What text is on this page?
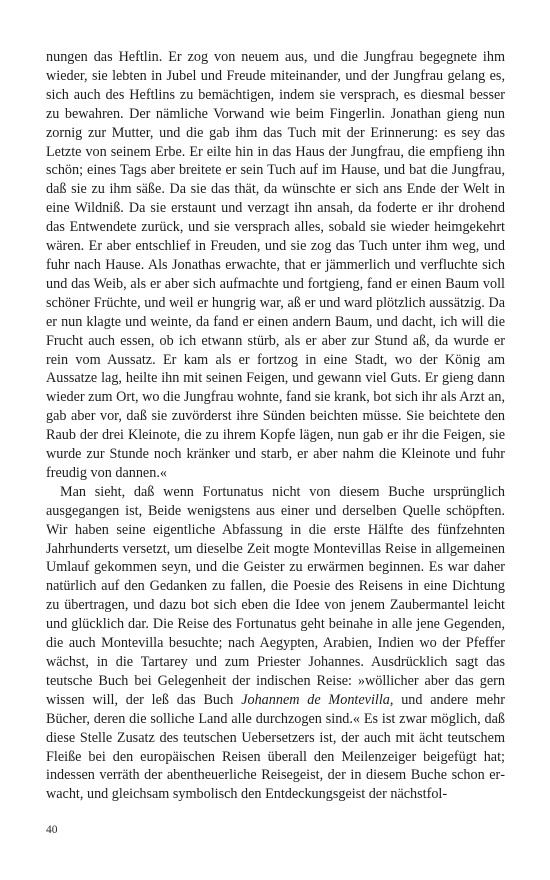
nungen das Heftlin. Er zog von neuem aus, und die Jungfrau begegnete ihm wieder, sie lebten in Jubel und Freude miteinander, und der Jungfrau gelang es, sich auch des Heftlins zu bemächtigen, indem sie versprach, es diesmal besser zu bewahren. Der nämliche Vorwand wie beim Fingerlin. Jonathan gieng nun zornig zur Mutter, und die gab ihm das Tuch mit der Erinnerung: es sey das Letzte von seinem Erbe. Er eilte hin in das Haus der Jungfrau, die empfieng ihn schön; eines Tags aber breitete er sein Tuch auf im Hause, und bat die Jungfrau, daß sie zu ihm säße. Da sie das thät, da wünschte er sich ans Ende der Welt in eine Wildniß. Da sie erstaunt und verzagt ihn ansah, da foderte er ihr drohend das Entwendete zurück, und sie versprach alles, sobald sie wieder heimgekehrt wären. Er aber entschlief in Freuden, und sie zog das Tuch unter ihm weg, und fuhr nach Hause. Als Jonathas erwachte, that er jämmerlich und verfluchte sich und das Weib, als er aber sich aufmachte und fortgieng, fand er einen Baum voll schöner Früchte, und weil er hungrig war, aß er und ward plötzlich aussätzig. Da er nun klagte und weinte, da fand er einen andern Baum, und dacht, ich will die Frucht auch essen, ob ich etwann stürb, als er aber zur Stund aß, da wurde er rein vom Aussatz. Er kam als er fortzog in eine Stadt, wo der König am Aussatze lag, heilte ihn mit seinen Feigen, und gewann viel Guts. Er gieng dann wieder zum Ort, wo die Jungfrau wohnte, fand sie krank, bot sich ihr als Arzt an, gab aber vor, daß sie zuvörderst ihre Sünden beichten müsse. Sie beichtete den Raub der drei Kleinote, die zu ihrem Kopfe lägen, nun gab er ihr die Feigen, sie wurde zur Stunde noch kränker und starb, er aber nahm die Kleinote und fuhr freudig von dannen.«

Man sieht, daß wenn Fortunatus nicht von diesem Buche ursprünglich ausgegangen ist, Beide wenigstens aus einer und derselben Quelle schöpften. Wir haben seine eigentliche Abfassung in die erste Hälfte des fünfzehnten Jahrhunderts versetzt, um dieselbe Zeit mogte Montevillas Reise in allgemeinen Umlauf gekommen seyn, und die Geister zu erwärmen beginnen. Es war daher natürlich auf den Gedanken zu fallen, die Poesie des Reisens in eine Dichtung zu übertragen, und dazu bot sich eben die Idee von jenem Zaubermantel leicht und glücklich dar. Die Reise des Fortunatus geht beinahe in alle jene Gegenden, die auch Montevilla besuchte; nach Aegypten, Arabien, Indien wo der Pfeffer wächst, in die Tartarey und zum Priester Johannes. Ausdrücklich sagt das teutsche Buch bei Gelegenheit der indischen Reise: »wöllicher aber das gern wissen will, der leß das Buch Johannem de Montevilla, und andere mehr Bücher, deren die solliche Land alle durchzogen sind.« Es ist zwar möglich, daß diese Stelle Zusatz des teutschen Uebersetzers ist, der auch mit ächt teutschem Fleiße bei den europäischen Reisen überall den Meilenzeiger beigefügt hat; indessen verräth der abentheuerliche Reisegeist, der in diesem Buche schon erwacht, und gleichsam symbolisch den Entdeckungsgeist der nächstfol-

40
